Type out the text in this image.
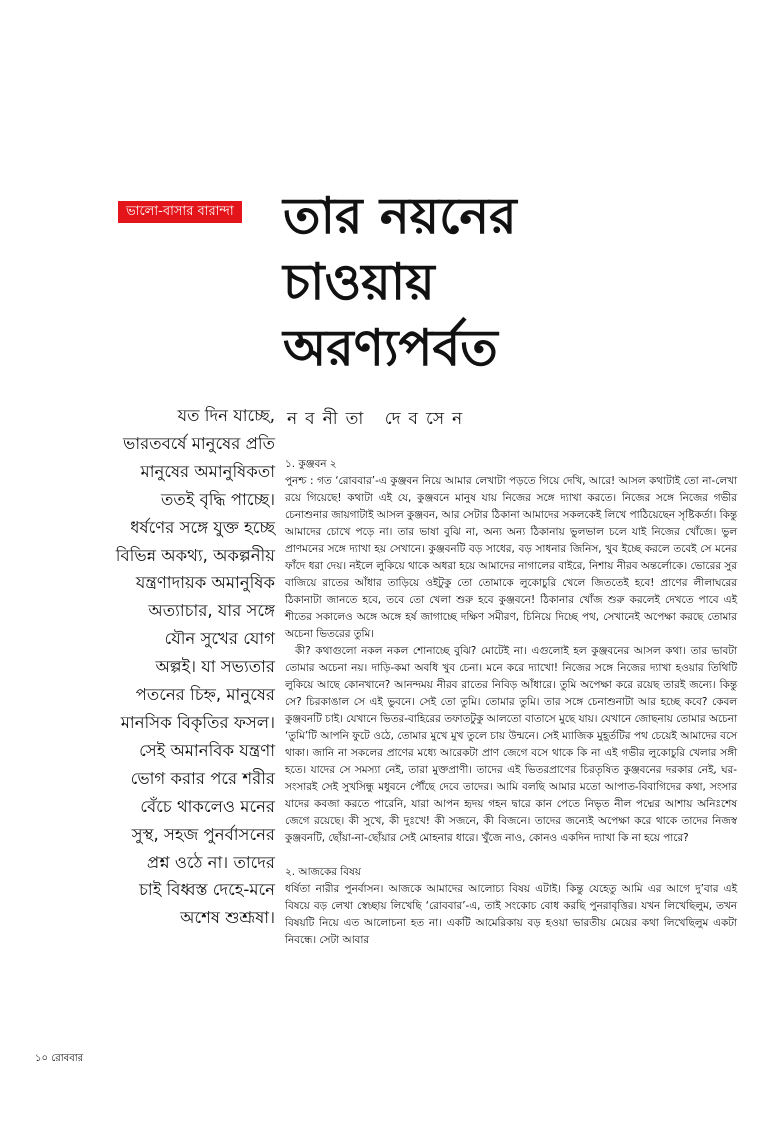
ভালো-বাসার বারান্দা তার নয়নের
চাওয়ায়
অরণ্যপর্বত
নবনীতা দেবসেন
যত দিন যাচ্ছে,
ভারতবর্ষে মানুষের প্রতি
মানুষের অমানুষিকতা
ততই বৃদ্ধি পাচ্ছে।
ধর্ষণের সঙ্গে যুক্ত হচ্ছে
বিভিন্ন অকথ্য, অকল্পনীয়
যন্ত্রণাদায়ক অমানুষিক
অত্যাচার, যার সঙ্গে
যৌন সুখের যোগ
অল্পই। যা সভ্যতার
পতনের চিহ্ন, মানুষের
মানসিক বিকৃতির ফসল।
সেই অমানবিক যন্ত্রণা
ভোগ করার পরে শরীর
বেঁচে থাকলেও মনের
সুস্থ, সহজ পুনর্বাসনের
প্রশ্ন ওঠে না। তাদের
চাই বিধ্বস্ত দেহে-মনে
অশেষ শুশ্রূষা।
১. কুঞ্জবন ২

পুনশ্চ : গত ‘রোববার’-এ কুঞ্জবন নিয়ে আমার লেখাটা পড়তে গিয়ে দেখি, আরে! আসল কথাটাই তো না-লেখা রয়ে গিয়েছে! কথাটা এই যে, কুঞ্জবনে মানুষ যায় নিজের সঙ্গে দ্যাখা করতে। নিজের সঙ্গে নিজের গভীর চেনাশুনার জায়গাটাই আসল কুঞ্জবন, আর সেটার ঠিকানা আমাদের সকলকেই লিখে পাঠিয়েছেন সৃষ্টিকর্তা। কিন্তু আমাদের চোখে পড়ে না। তার ভাষা বুঝি না, অন্য অন্য ঠিকানায় ভুলভাল চলে যাই নিজের খোঁজে। ভুল প্রাণমনের সঙ্গে দ্যাখা হয় সেখানে। কুঞ্জবনটি বড় সাধের, বড় সাধনার জিনিস, খুব ইচ্ছে করলে তবেই সে মনের ফাঁদে ধরা দেয়। নইলে লুকিয়ে থাকে অধরা হয়ে আমাদের নাগালের বাইরে, নিশায় নীরব অন্তর্লোকে। ভোরের সুর বাজিয়ে রাতের আঁধার তাড়িয়ে ওইটুকু তো তোমাকে লুকোচুরি খেলে জিততেই হবে! প্রাণের লীলাঘরের ঠিকানাটা জানতে হবে, তবে তো খেলা শুরু হবে কুঞ্জবনে! ঠিকানার খোঁজ শুরু করলেই দেখতে পাবে এই শীতের সকালেও অঙ্গে অঙ্গে হর্ষ জাগাচ্ছে দক্ষিণ সমীরণ, চিনিয়ে দিচ্ছে পথ, সেখানেই অপেক্ষা করছে তোমার অচেনা ভিতরের তুমি।

কী? কথাগুলো নকল নকল শোনাচ্ছে বুঝি? মোটেই না। এগুলোই হল কুঞ্জবনের আসল কথা। তার ভাবটা তোমার অচেনা নয়। দাড়ি-কমা অবধি খুব চেনা। মনে করে দ্যাখো! নিজের সঙ্গে নিজের দ্যাখা হওয়ার তিথিটি লুকিয়ে আছে কোনখানে? আনন্দময় নীরব রাতের নিবিড় আঁধারে। তুমি অপেক্ষা করে রয়েছ তারই জন্যে। কিন্তু সে? চিরকাঙাল সে এই ভুবনে। সেই তো তুমি। তোমার তুমি। তার সঙ্গে চেনাশুনাটা আর হচ্ছে কবে? কেবল কুঞ্জবনটি চাই। যেখানে ভিতর-বাহিরের তফাতটুকু আলতো বাতাসে মুছে যায়। যেখানে জোছনায় তোমার অচেনা ‘তুমি’টি আপনি ফুটে ওঠে, তোমার মুখে মুখ তুলে চায় উন্মনে। সেই ম্যাজিক মুহূর্তটির পথ চেয়েই আমাদের বসে থাকা। জানি না সকলের প্রাণের মধ্যে আরেকটা প্রাণ জেগে বসে থাকে কি না এই গভীর লুকোচুরি খেলার সঙ্গী হতে। যাদের সে সমস্যা নেই, তারা মুক্তপ্রাণী। তাদের এই ভিতরপ্রাণের চিরতৃষিত কুঞ্জবনের দরকার নেই, ঘর-সংসারই সেই সুখসিন্ধু মধুবনে পৌঁছে দেবে তাদের। আমি বলছি আমার মতো আপাত-বিবাগিদের কথা, সংসার যাদের কবজা করতে পারেনি, যারা আপন হৃদয় গহন দ্বারে কান পেতে নিভৃত নীল পদ্মের আশায় অনিঃশেষ জেগে রয়েছে। কী সুখে, কী দুঃখে! কী সজনে, কী বিজনে। তাদের জন্যেই অপেক্ষা করে থাকে তাদের নিজস্ব কুঞ্জবনটি, ছোঁয়া-না-ছোঁয়ার সেই মোহনার ধারে। খুঁজে নাও, কোনও একদিন দ্যাখা কি না হয়ে পারে?

২. আজকের বিষয়

ধর্ষিতা নারীর পুনর্বাসন। আজকে আমাদের আলোচ্য বিষয় এটাই। কিন্তু যেহেতু আমি এর আগে দু’বার এই বিষয়ে বড় লেখা স্বেচ্ছায় লিখেছি ‘রোববার’-এ, তাই সংকোচ বোধ করছি পুনরাবৃত্তির। যখন লিখেছিলুম, তখন বিষয়টি নিয়ে এত আলোচনা হত না। একটি আমেরিকায় বড় হওয়া ভারতীয় মেয়ের কথা লিখেছিলুম একটা নিবন্ধে। সেটা আবার

১০ রোববার
